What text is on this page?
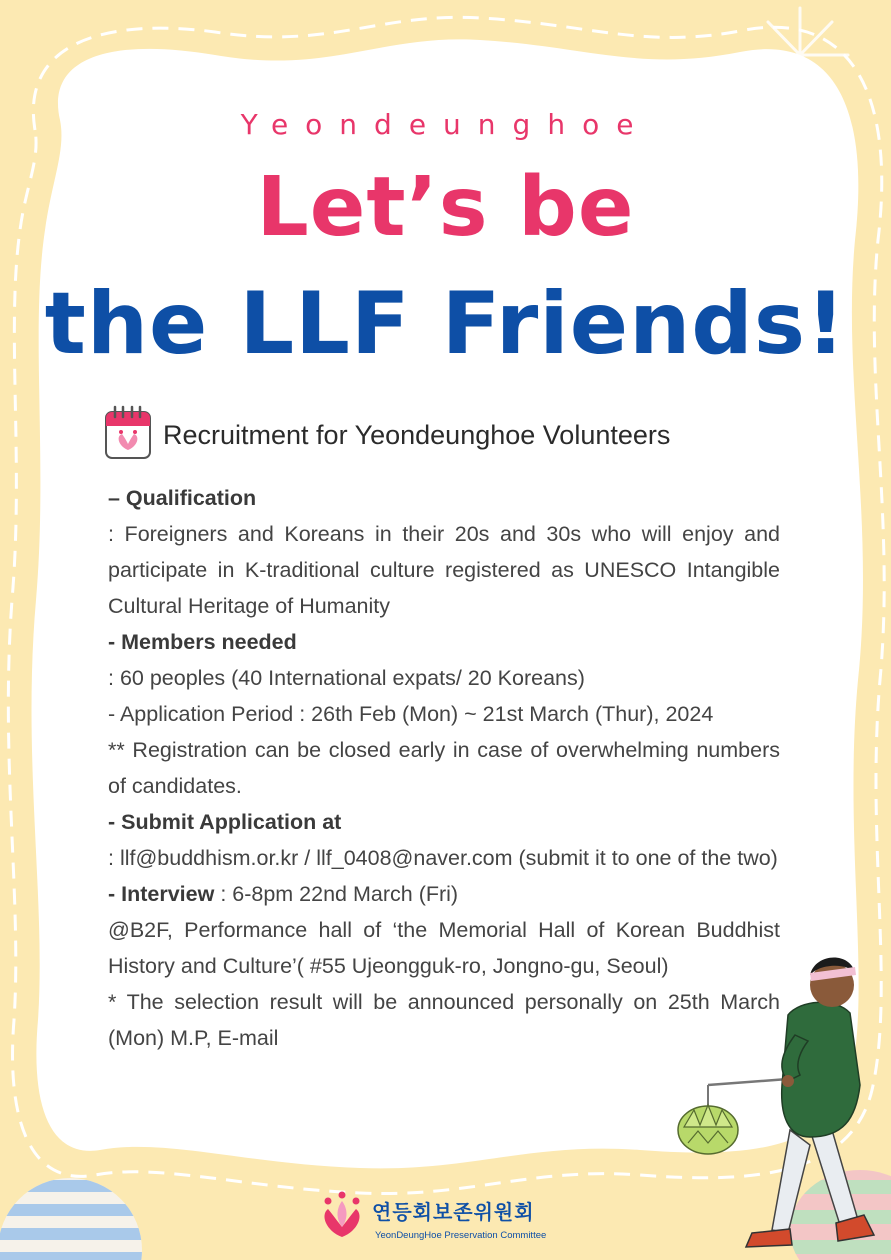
Yeondeunghoe
Let’s be
the LLF Friends!
Recruitment for Yeondeunghoe Volunteers

– Qualification

: Foreigners and Koreans in their 20s and 30s who will enjoy and participate in K-traditional culture registered as UNESCO Intangible Cultural Heritage of Humanity

- Members needed

: 60 peoples (40 International expats/ 20 Koreans)

- Application Period : 26th Feb (Mon) ~ 21st March (Thur), 2024

** Registration can be closed early in case of overwhelming numbers of candidates.

- Submit Application at

: llf@buddhism.or.kr / llf_0408@naver.com (submit it to one of the two)

- Interview : 6-8pm 22nd March (Fri)

@B2F, Performance hall of ‘the Memorial Hall of Korean Buddhist History and Culture’( #55 Ujeongguk-ro, Jongno-gu, Seoul)

* The selection result will be announced personally on 25th March (Mon) M.P, E-mail

연등회보존위원회
YeonDeungHoe Preservation Committee
